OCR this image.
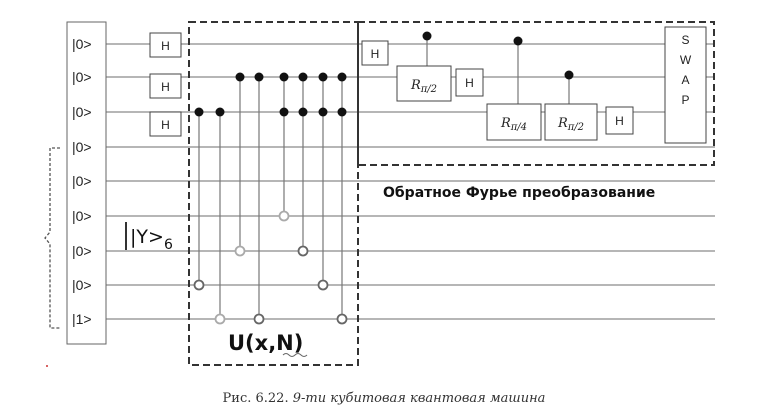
|0>
|0>
|0>
|0>
|0>
|0>
|0>
|0>
|1>
H
H
H
$|Y>_6$
U(x,N)
H
$R_{\pi/2}$ H
$R_{\pi/4}$ $R_{\pi/2}$	H
S
W
A
P
Обратное Фурье преобразование
Рис. 6.22. 9-ти кубитовая квантовая машина
